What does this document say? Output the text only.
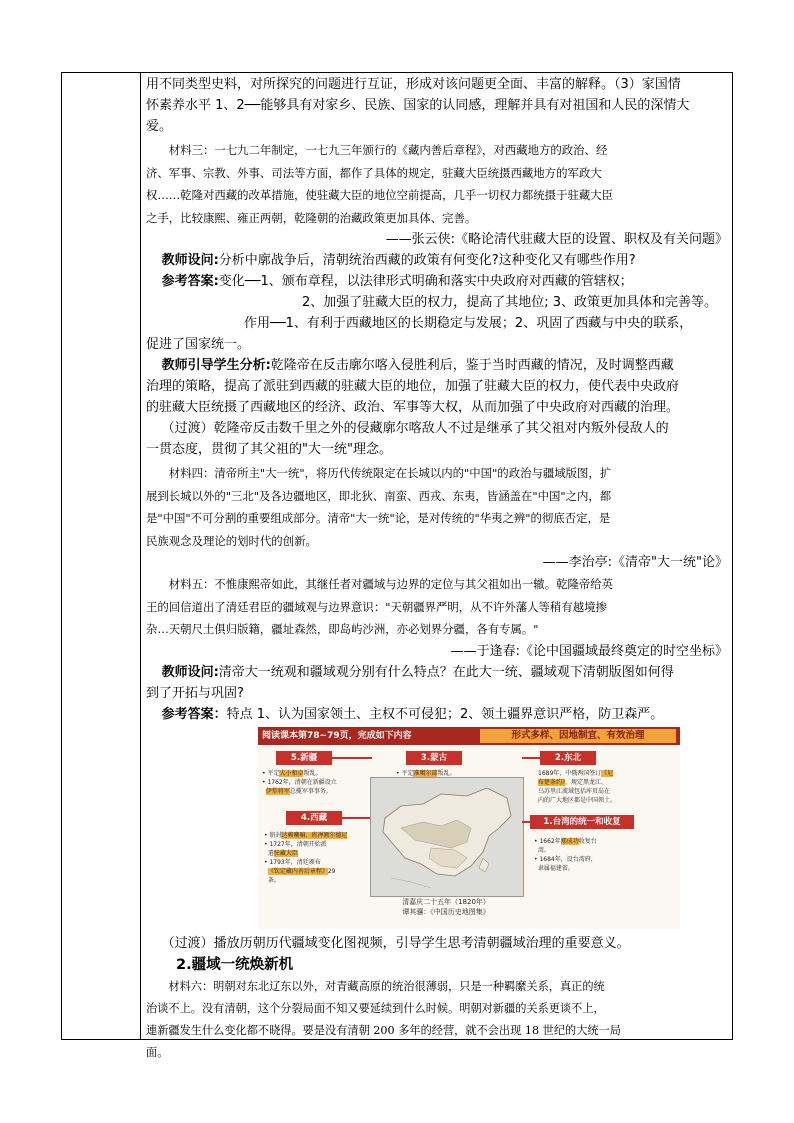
用不同类型史料，对所探究的问题进行互证，形成对该问题更全面、丰富的解释。（3）家国情

怀素养水平 1、2──能够具有对家乡、民族、国家的认同感，理解并具有对祖国和人民的深情大

爱。

材料三：一七九二年制定，一七九三年颁行的《藏内善后章程》，对西藏地方的政治、经

济、军事、宗教、外事、司法等方面，都作了具体的规定，驻藏大臣统摄西藏地方的军政大

权……乾隆对西藏的改革措施，使驻藏大臣的地位空前提高，几乎一切权力都统摄于驻藏大臣

之手，比较康熙、雍正两朝，乾隆朝的治藏政策更加具体、完善。

——张云侠:《略论清代驻藏大臣的设置、职权及有关问题》

教师设问:分析中廓战争后，清朝统治西藏的政策有何变化?这种变化又有哪些作用?

参考答案:变化──1、颁布章程，以法律形式明确和落实中央政府对西藏的管辖权；

2、加强了驻藏大臣的权力，提高了其地位; 3、政策更加具体和完善等。

作用──1、有利于西藏地区的长期稳定与发展；2、巩固了西藏与中央的联系，

促进了国家统一。

教师引导学生分析:乾隆帝在反击廓尔喀入侵胜利后，鉴于当时西藏的情况，及时调整西藏

治理的策略，提高了派驻到西藏的驻藏大臣的地位，加强了驻藏大臣的权力，使代表中央政府

的驻藏大臣统摄了西藏地区的经济、政治、军事等大权，从而加强了中央政府对西藏的治理。

（过渡）乾隆帝反击数千里之外的侵藏廓尔喀敌人不过是继承了其父祖对内叛外侵敌人的

一贯态度，贯彻了其父祖的"大一统"理念。

材料四：清帝所主"大一统"，将历代传统限定在长城以内的"中国"的政治与疆域版图，扩

展到长城以外的"三北"及各边疆地区，即北狄、南蛮、西戎、东夷，皆涵盖在"中国"之内，都

是"中国"不可分割的重要组成部分。清帝"大一统"论，是对传统的"华夷之辨"的彻底否定，是

民族观念及理论的划时代的创新。

——李治亭:《清帝"大一统"论》

材料五：不惟康熙帝如此，其继任者对疆域与边界的定位与其父祖如出一辙。乾隆帝给英

王的回信道出了清廷君臣的疆域观与边界意识："天朝疆界严明，从不许外藩人等稍有越境掺

杂…天朝尺土俱归版籍，疆址森然，即岛屿沙洲，亦必划界分疆，各有专属。"

——于逢春:《论中国疆域最终奠定的时空坐标》

教师设问:清帝大一统观和疆域观分别有什么特点？在此大一统、疆域观下清朝版图如何得

到了开拓与巩固?

参考答案：特点 1、认为国家领土、主权不可侵犯；2、领土疆界意识严格，防卫森严。

阅读课本第78~79页，完成如下内容	形式多样、因地制宜、有效治理
5.新疆
• 平定大小和卓叛乱。
• 1762年，清朝在新疆设立
伊犁将军总揽军事事务。
3.蒙古
• 平定准噶尔部叛乱。

2.东北
1689年，中俄两国签订《尼
布楚条约》，规定黑龙江、
乌苏里江流域包括库页岛在
内的广大地区都是中国领土。
4.西藏
• 册封达赖喇嘛、班禅额尔德尼
• 1727年，清朝开始派
遣驻藏大臣
• 1793年，清廷颁布
《钦定藏内善后章程》29
条。
清嘉庆二十五年（1820年）
谭其骧：《中国历史地图集》
1.台湾的统一和收复
• 1662年郑成功收复台
湾。
• 1684年，设台湾府，
隶属福建省。

（过渡）播放历朝历代疆域变化图视频，引导学生思考清朝疆域治理的重要意义。

2.疆域一统焕新机

材料六：明朝对东北辽东以外，对青藏高原的统治很薄弱，只是一种羁縻关系，真正的统

治谈不上。没有清朝，这个分裂局面不知又要延续到什么时候。明朝对新疆的关系更谈不上，

連新疆发生什么变化都不晓得。要是没有清朝 200 多年的经营，就不会出现 18 世纪的大统一局

面。
